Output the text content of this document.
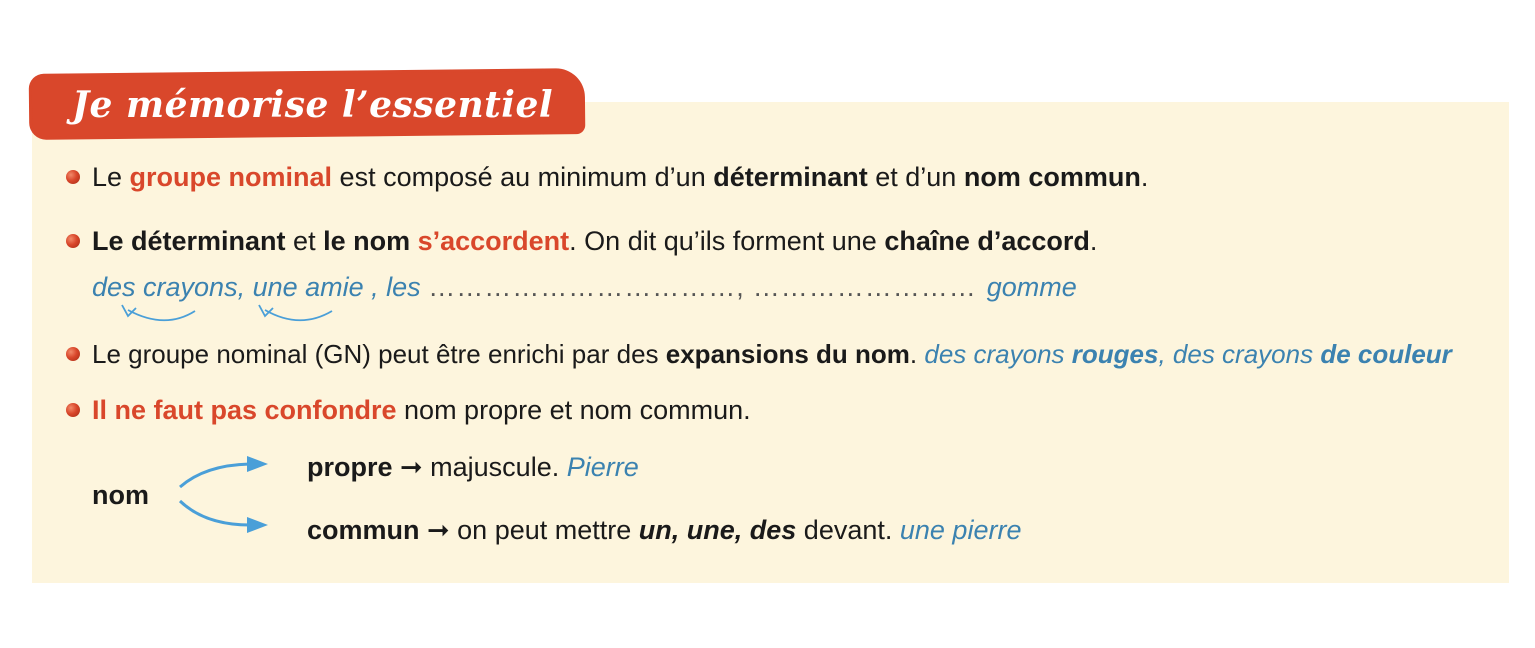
Je mémorise l’essentiel
Le groupe nominal est composé au minimum d’un déterminant et d’un nom commun.
Le déterminant et le nom s’accordent. On dit qu’ils forment une chaîne d’accord.
des crayons, une amie , les ……………………………, …………………… gomme
Le groupe nominal (GN) peut être enrichi par des expansions du nom. des crayons rouges, des crayons de couleur
Il ne faut pas confondre nom propre et nom commun.
nom
propre ➞ majuscule. Pierre
commun ➞ on peut mettre un, une, des devant. une pierre
